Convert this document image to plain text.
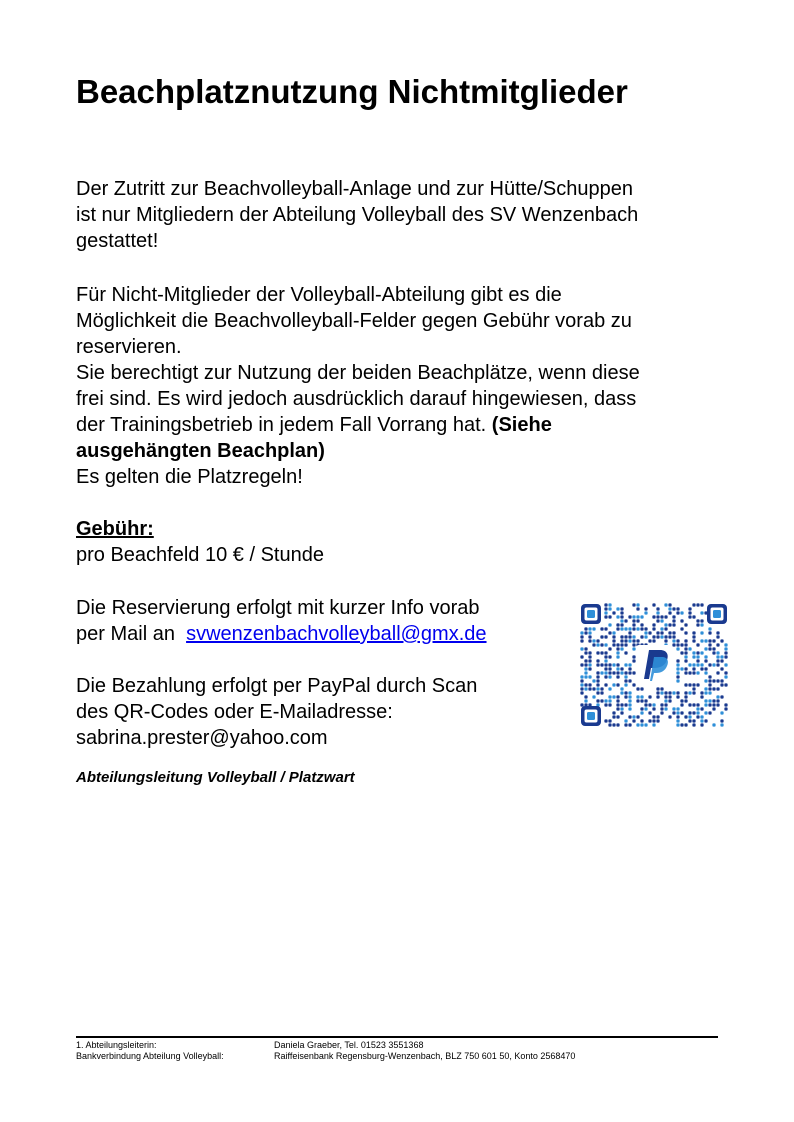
Beachplatznutzung Nichtmitglieder
Der Zutritt zur Beachvolleyball-Anlage und zur Hütte/Schuppen
ist nur Mitgliedern der Abteilung Volleyball des SV Wenzenbach
gestattet!
Für Nicht-Mitglieder der Volleyball-Abteilung gibt es die
Möglichkeit die Beachvolleyball-Felder gegen Gebühr vorab zu
reservieren.
Sie berechtigt zur Nutzung der beiden Beachplätze, wenn diese
frei sind. Es wird jedoch ausdrücklich darauf hingewiesen, dass
der Trainingsbetrieb in jedem Fall Vorrang hat. (Siehe
ausgehängten Beachplan)
Es gelten die Platzregeln!
Gebühr:
pro Beachfeld 10 € / Stunde
Die Reservierung erfolgt mit kurzer Info vorab
per Mail an svwenzenbachvolleyball@gmx.de
Die Bezahlung erfolgt per PayPal durch Scan
des QR-Codes oder E-Mailadresse:
sabrina.prester@yahoo.com

Abteilungsleitung Volleyball / Platzwart

1. Abteilungsleiterin:	Daniela Graeber, Tel. 01523 3551368
Bankverbindung Abteilung Volleyball:	Raiffeisenbank Regensburg-Wenzenbach, BLZ 750 601 50, Konto 2568470
